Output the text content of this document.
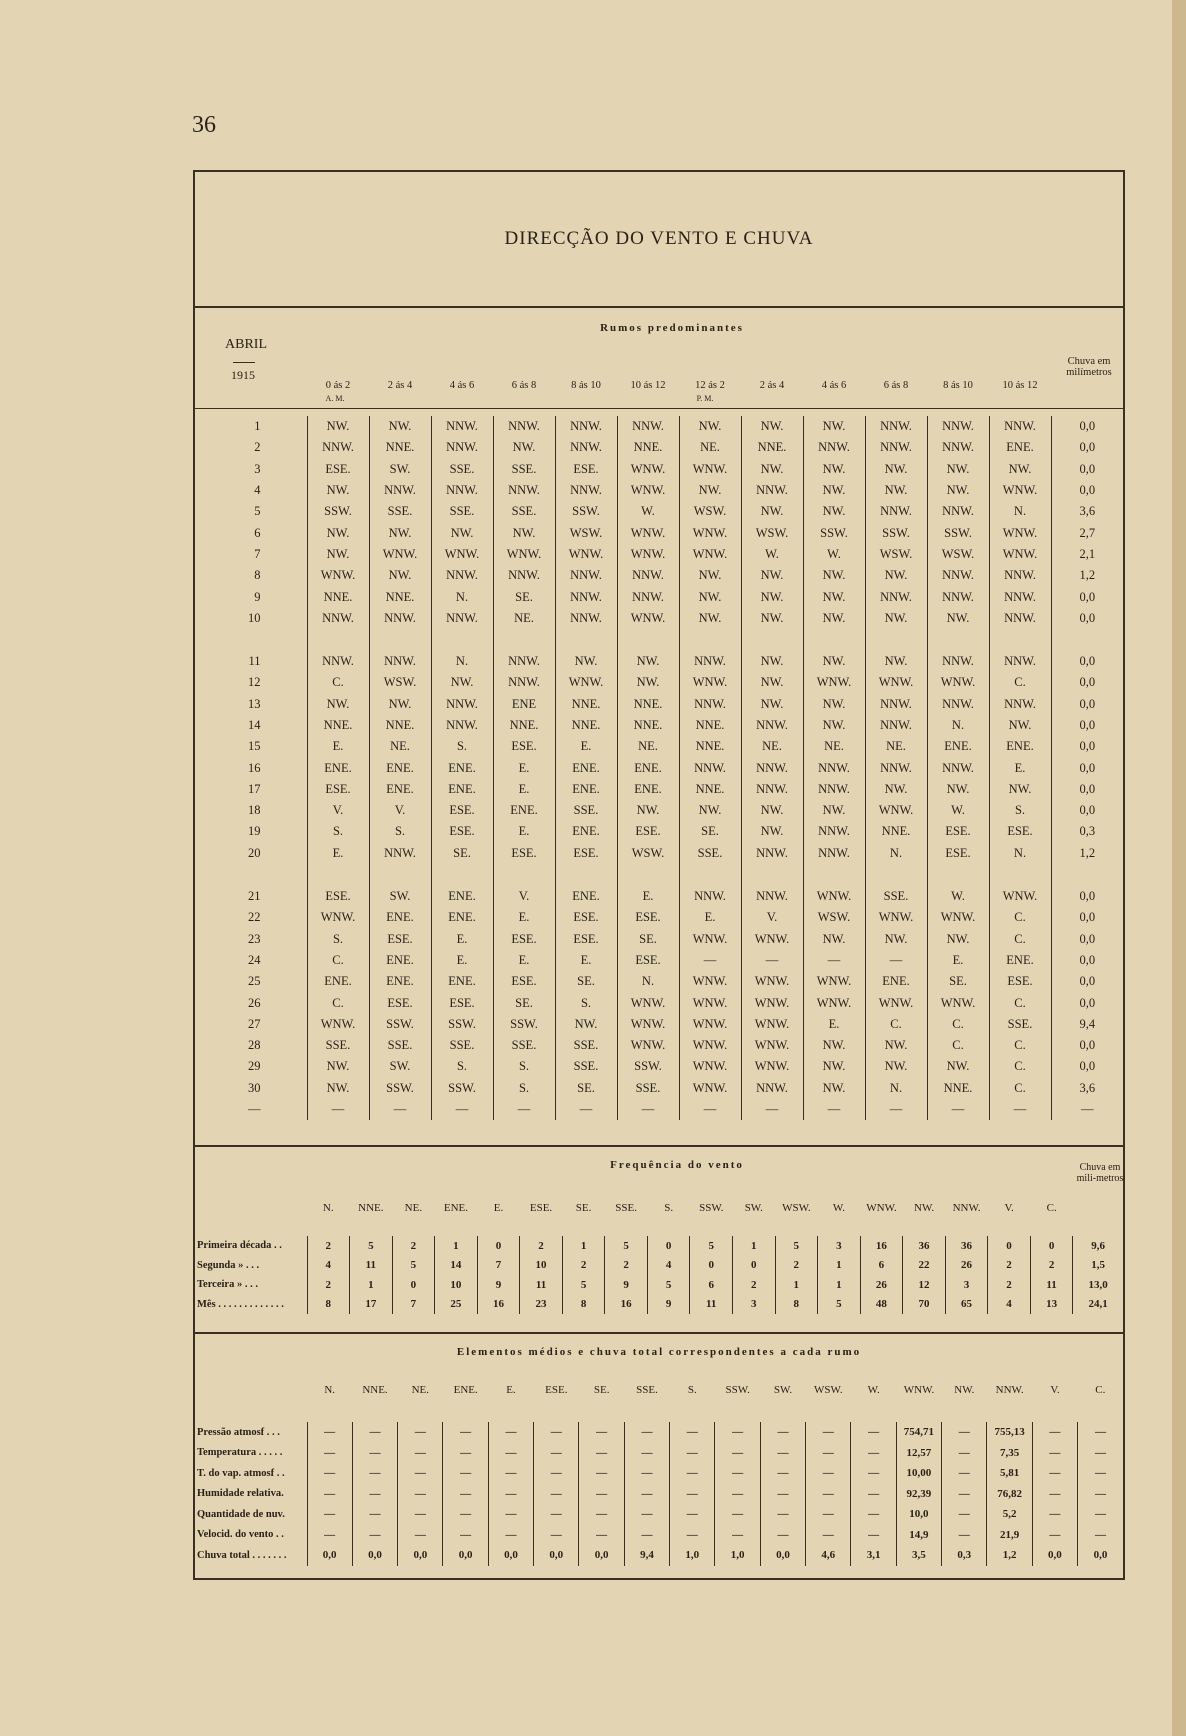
36
DIRECÇÃO DO VENTO E CHUVA
ABRIL
1915
Rumos predominantes
Chuva em milímetros
0 ás 2	2 ás 4	4 ás 6	6 ás 8	8 ás 10	10 ás 12	12 ás 2	2 ás 4	4 ás 6	6 ás 8	8 ás 10	10 ás 12
A. M.	P. M.
1	NW.	NW.	NNW.	NNW.	NNW.	NNW.	NW.	NW.	NW.	NNW.	NNW.	NNW.	0,0
2	NNW.	NNE.	NNW.	NW.	NNW.	NNE.	NE.	NNE.	NNW.	NNW.	NNW.	ENE.	0,0
3	ESE.	SW.	SSE.	SSE.	ESE.	WNW.	WNW.	NW.	NW.	NW.	NW.	NW.	0,0
4	NW.	NNW.	NNW.	NNW.	NNW.	WNW.	NW.	NNW.	NW.	NW.	NW.	WNW.	0,0
5	SSW.	SSE.	SSE.	SSE.	SSW.	W.	WSW.	NW.	NW.	NNW.	NNW.	N.	3,6
6	NW.	NW.	NW.	NW.	WSW.	WNW.	WNW.	WSW.	SSW.	SSW.	SSW.	WNW.	2,7
7	NW.	WNW.	WNW.	WNW.	WNW.	WNW.	WNW.	W.	W.	WSW.	WSW.	WNW.	2,1
8	WNW.	NW.	NNW.	NNW.	NNW.	NNW.	NW.	NW.	NW.	NW.	NNW.	NNW.	1,2
9	NNE.	NNE.	N.	SE.	NNW.	NNW.	NW.	NW.	NW.	NNW.	NNW.	NNW.	0,0
10	NNW.	NNW.	NNW.	NE.	NNW.	WNW.	NW.	NW.	NW.	NW.	NW.	NNW.	0,0

11	NNW.	NNW.	N.	NNW.	NW.	NW.	NNW.	NW.	NW.	NW.	NNW.	NNW.	0,0
12	C.	WSW.	NW.	NNW.	WNW.	NW.	WNW.	NW.	WNW.	WNW.	WNW.	C.	0,0
13	NW.	NW.	NNW.	ENE	NNE.	NNE.	NNW.	NW.	NW.	NNW.	NNW.	NNW.	0,0
14	NNE.	NNE.	NNW.	NNE.	NNE.	NNE.	NNE.	NNW.	NW.	NNW.	N.	NW.	0,0
15	E.	NE.	S.	ESE.	E.	NE.	NNE.	NE.	NE.	NE.	ENE.	ENE.	0,0
16	ENE.	ENE.	ENE.	E.	ENE.	ENE.	NNW.	NNW.	NNW.	NNW.	NNW.	E.	0,0
17	ESE.	ENE.	ENE.	E.	ENE.	ENE.	NNE.	NNW.	NNW.	NW.	NW.	NW.	0,0
18	V.	V.	ESE.	ENE.	SSE.	NW.	NW.	NW.	NW.	WNW.	W.	S.	0,0
19	S.	S.	ESE.	E.	ENE.	ESE.	SE.	NW.	NNW.	NNE.	ESE.	ESE.	0,3
20	E.	NNW.	SE.	ESE.	ESE.	WSW.	SSE.	NNW.	NNW.	N.	ESE.	N.	1,2

21	ESE.	SW.	ENE.	V.	ENE.	E.	NNW.	NNW.	WNW.	SSE.	W.	WNW.	0,0
22	WNW.	ENE.	ENE.	E.	ESE.	ESE.	E.	V.	WSW.	WNW.	WNW.	C.	0,0
23	S.	ESE.	E.	ESE.	ESE.	SE.	WNW.	WNW.	NW.	NW.	NW.	C.	0,0
24	C.	ENE.	E.	E.	E.	ESE.	—	—	—	—	E.	ENE.	0,0
25	ENE.	ENE.	ENE.	ESE.	SE.	N.	WNW.	WNW.	WNW.	ENE.	SE.	ESE.	0,0
26	C.	ESE.	ESE.	SE.	S.	WNW.	WNW.	WNW.	WNW.	WNW.	WNW.	C.	0,0
27	WNW.	SSW.	SSW.	SSW.	NW.	WNW.	WNW.	WNW.	E.	C.	C.	SSE.	9,4
28	SSE.	SSE.	SSE.	SSE.	SSE.	WNW.	WNW.	WNW.	NW.	NW.	C.	C.	0,0
29	NW.	SW.	S.	S.	SSE.	SSW.	WNW.	WNW.	NW.	NW.	NW.	C.	0,0
30	NW.	SSW.	SSW.	S.	SE.	SSE.	WNW.	NNW.	NW.	N.	NNE.	C.	3,6
—	—	—	—	—	—	—	—	—	—	—	—	—	—
Frequência do vento	Chuva em mili-metros
N.	NNE.	NE.	ENE.	E.	ESE.	SE.	SSE.	S.	SSW.	SW.	WSW.	W.	WNW.	NW.	NNW.	V.	C.
Primeira década . .	2	5	2	1	0	2	1	5	0	5	1	5	3	16	36	36	0	0	9,6
Segunda » . . .	4	11	5	14	7	10	2	2	4	0	0	2	1	6	22	26	2	2	1,5
Terceira » . . .	2	1	0	10	9	11	5	9	5	6	2	1	1	26	12	3	2	11	13,0
Mês . . . . . . . . . . . . .	8	17	7	25	16	23	8	16	9	11	3	8	5	48	70	65	4	13	24,1
Elementos médios e chuva total correspondentes a cada rumo
N.	NNE.	NE.	ENE.	E.	ESE.	SE.	SSE.	S.	SSW.	SW.	WSW.	W.	WNW.	NW.	NNW.	V.	C.
Pressão atmosf . . .	—	—	—	—	—	—	—	—	—	—	—	—	—	754,71	—	755,13	—	—
Temperatura . . . . .	—	—	—	—	—	—	—	—	—	—	—	—	—	12,57	—	7,35	—	—
T. do vap. atmosf . .	—	—	—	—	—	—	—	—	—	—	—	—	—	10,00	—	5,81	—	—
Humidade relativa.	—	—	—	—	—	—	—	—	—	—	—	—	—	92,39	—	76,82	—	—
Quantidade de nuv.	—	—	—	—	—	—	—	—	—	—	—	—	—	10,0	—	5,2	—	—
Velocid. do vento . .	—	—	—	—	—	—	—	—	—	—	—	—	—	14,9	—	21,9	—	—
Chuva total . . . . . . .	0,0	0,0	0,0	0,0	0,0	0,0	0,0	9,4	1,0	1,0	0,0	4,6	3,1	3,5	0,3	1,2	0,0	0,0
